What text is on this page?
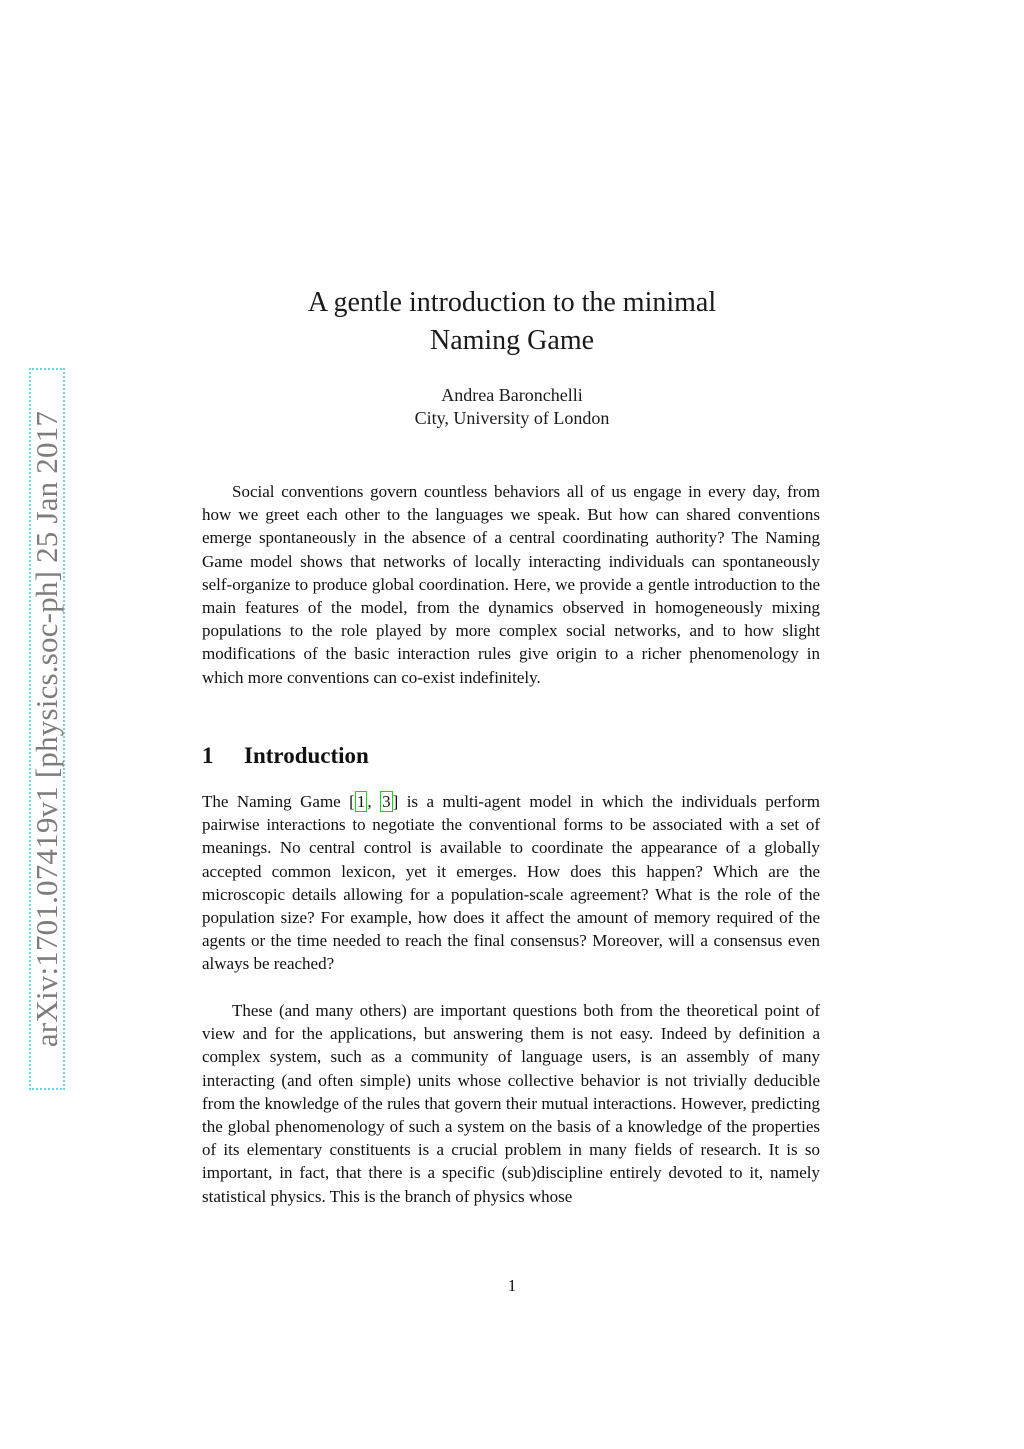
arXiv:1701.07419v1 [physics.soc-ph] 25 Jan 2017
A gentle introduction to the minimal
Naming Game
Andrea Baronchelli
City, University of London

Social conventions govern countless behaviors all of us engage in every day, from how we greet each other to the languages we speak. But how can shared conventions emerge spontaneously in the absence of a central coordinating authority? The Naming Game model shows that networks of locally interacting individuals can spontaneously self-organize to produce global coordination. Here, we provide a gentle introduction to the main features of the model, from the dynamics observed in homogeneously mixing populations to the role played by more complex social networks, and to how slight modifications of the basic interaction rules give origin to a richer phenomenology in which more conventions can co-exist indefinitely.

1 Introduction

The Naming Game [ 1 , 3 ] is a multi-agent model in which the individuals perform pairwise interactions to negotiate the conventional forms to be associated with a set of meanings. No central control is available to coordinate the appearance of a globally accepted common lexicon, yet it emerges. How does this happen? Which are the microscopic details allowing for a population-scale agreement? What is the role of the population size? For example, how does it affect the amount of memory required of the agents or the time needed to reach the final consensus? Moreover, will a consensus even always be reached?

These (and many others) are important questions both from the theoretical point of view and for the applications, but answering them is not easy. Indeed by definition a complex system, such as a community of language users, is an assembly of many interacting (and often simple) units whose collective behavior is not trivially deducible from the knowledge of the rules that govern their mutual interactions. However, predicting the global phenomenology of such a system on the basis of a knowledge of the properties of its elementary constituents is a crucial problem in many fields of research. It is so important, in fact, that there is a specific (sub)discipline entirely devoted to it, namely statistical physics. This is the branch of physics whose

1
